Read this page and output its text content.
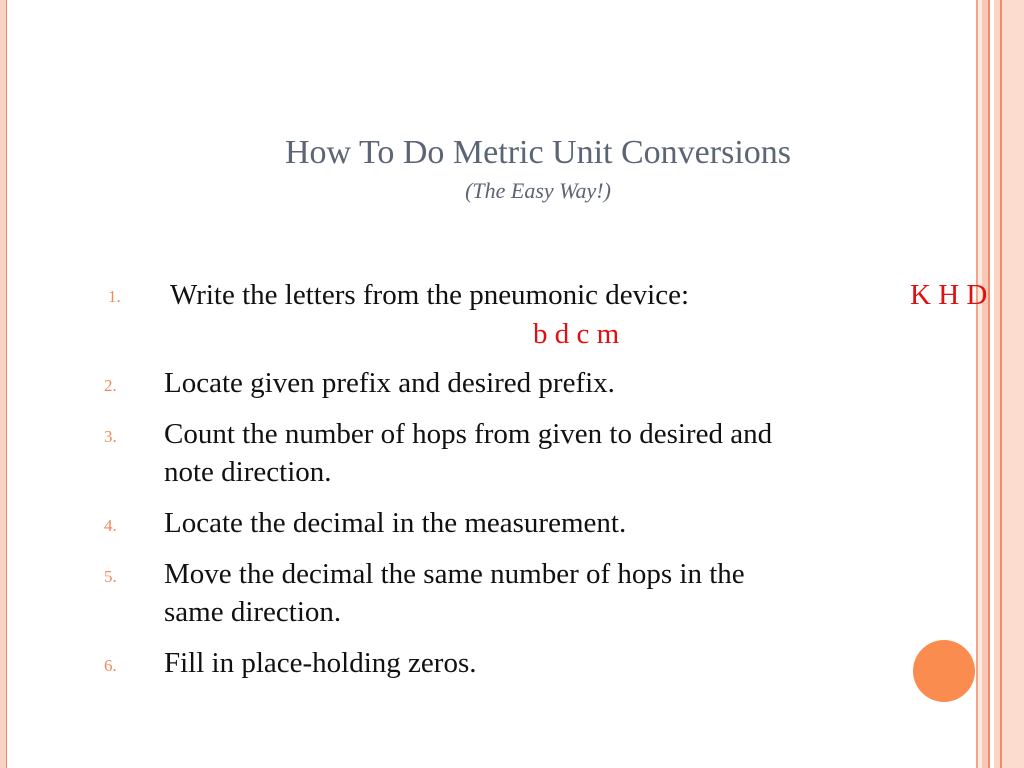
How To Do Metric Unit Conversions
(The Easy Way!)
1. Write the letters from the pneumonic device:	K H D
b d c m
2. Locate given prefix and desired prefix.
3. Count the number of hops from given to desired and
note direction.
4. Locate the decimal in the measurement.
5. Move the decimal the same number of hops in the
same direction.
6. Fill in place-holding zeros.
